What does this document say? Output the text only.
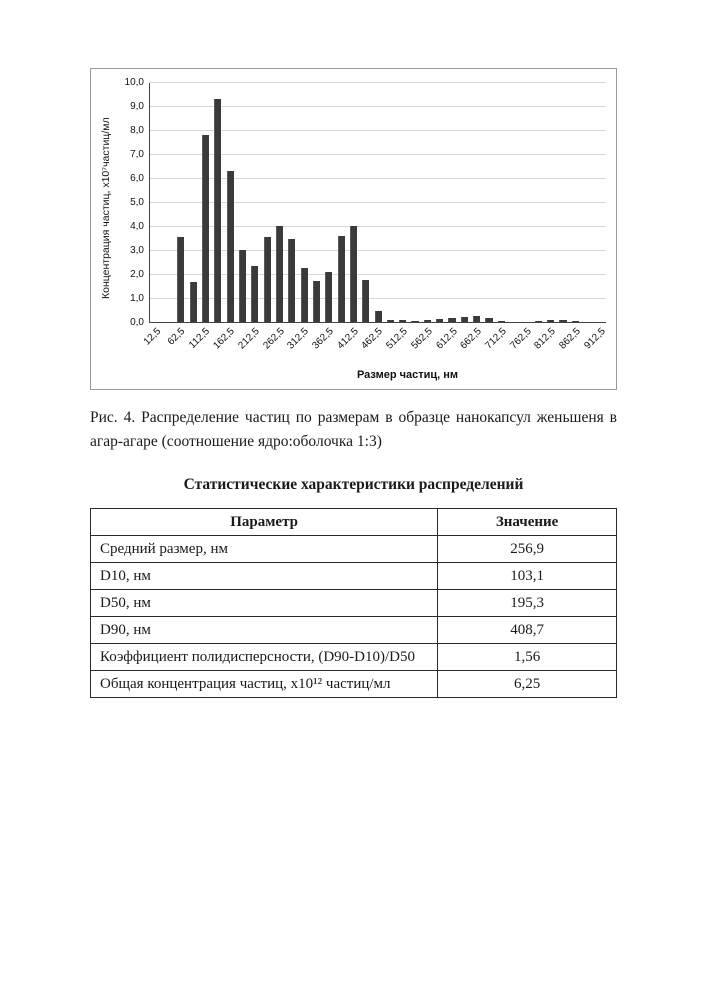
Концентрация частиц, х10⁷частиц/мл
0,0
1,0
2,0
3,0
4,0
5,0
6,0
7,0
8,0
9,0
10,0
12,5 62,5 112,5 162,5 212,5 262,5 312,5 362,5 412,5 462,5 512,5 562,5 612,5 662,5 712,5 762,5 812,5 862,5 912,5
Размер частиц, нм

Рис. 4. Распределение частиц по размерам в образце нанокапсул женьшеня в агар-агаре (соотношение ядро:оболочка 1:3)

Статистические характеристики распределений
Параметр	Значение
Средний размер, нм	256,9
D10, нм	103,1
D50, нм	195,3
D90, нм	408,7
Коэффициент полидисперсности, (D90-D10)/D50	1,56
Общая концентрация частиц, х10¹² частиц/мл	6,25
